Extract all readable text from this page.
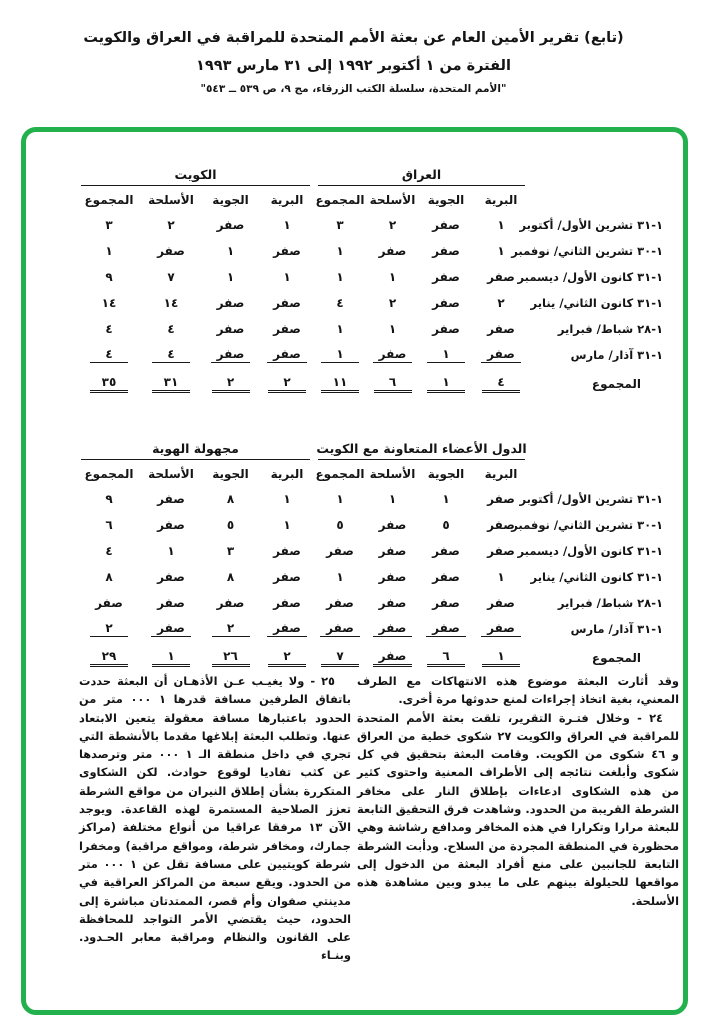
(تابع) تقرير الأمين العام عن بعثة الأمم المتحدة للمراقبة في العراق والكويت
الفترة من ١ أكتوبر ١٩٩٢ إلى ٣١ مارس ١٩٩٣
"الأمم المتحدة، سلسلة الكتب الزرقاء، مج ٩، ص ٥٣٩ ــ ٥٤٣"
العراق
الكويت
البرية
الجوية
الأسلحة
المجموع
البرية
الجوية
الأسلحة
المجموع
١-٣١ تشرين الأول/ أكتوبر
١
صفر
٢
٣
١
صفر
٢
٣
١-٣٠ تشرين الثاني/ نوفمبر
١
صفر
صفر
١
صفر
١
صفر
١
١-٣١ كانون الأول/ ديسمبر
صفر
صفر
١
١
١
١
٧
٩
١-٣١ كانون الثاني/ يناير
٢
صفر
٢
٤
صفر
صفر
١٤
١٤
١-٢٨ شباط/ فبراير
صفر
صفر
١
١
صفر
صفر
٤
٤
١-٣١ آذار/ مارس
صفر
١
صفر
١
صفر
صفر
٤
٤
المجموع
٤
١
٦
١١
٢
٢
٣١
٣٥
الدول الأعضاء المتعاونة مع الكويت
مجهولة الهوية
البرية
الجوية
الأسلحة
المجموع
البرية
الجوية
الأسلحة
المجموع
١-٣١ تشرين الأول/ أكتوبر
صفر
١
١
١
١
٨
صفر
٩
١-٣٠ تشرين الثاني/ نوفمبر
صفر
٥
صفر
٥
١
٥
صفر
٦
١-٣١ كانون الأول/ ديسمبر
صفر
صفر
صفر
صفر
صفر
٣
١
٤
١-٣١ كانون الثاني/ يناير
١
صفر
صفر
١
صفر
٨
صفر
٨
١-٢٨ شباط/ فبراير
صفر
صفر
صفر
صفر
صفر
صفر
صفر
صفر
١-٣١ آذار/ مارس
صفر
صفر
صفر
صفر
صفر
٢
صفر
٢
المجموع
١
٦
صفر
٧
٢
٢٦
١
٢٩

وقد أثارت البعثة موضوع هذه الانتهاكات مع الطرف المعني، بغية اتخاذ إجراءات لمنع حدوثها مرة أخرى.

٢٤ - وخلال فتـرة التقرير، تلقت بعثة الأمم المتحدة للمراقبة في العراق والكويت ٢٧ شكوى خطية من العراق و ٤٦ شكوى من الكويت. وقامت البعثة بتحقيق في كل شكوى وأبلغت نتائجه إلى الأطراف المعنية واحتوى كثير من هذه الشكاوى ادعاءات بإطلاق النار على مخافر الشرطة القريبة من الحدود. وشاهدت فرق التحقيق التابعة للبعثة مرارا وتكرارا في هذه المخافر ومدافع رشاشة وهي محظورة في المنطقة المجردة من السلاح. ودأبت الشرطة التابعة للجانبين على منع أفراد البعثة من الدخول إلى مواقعها للحيلولة بينهم على ما يبدو وبين مشاهدة هذه الأسلحة.

٢٥ - ولا يغيـب عـن الأذهـان أن البعثة حددت باتفاق الطرفين مسافة قدرها ١ ٠٠٠ متر من الحدود باعتبارها مسافة معقولة يتعين الابتعاد عنها. وتطلب البعثة إبلاغها مقدما بالأنشطة التي تجري في داخل منطقة الـ ١ ٠٠٠ متر وترصدها عن كثب تفاديا لوقوع حوادث. لكن الشكاوى المتكررة بشأن إطلاق النيران من مواقع الشرطة تعزز الصلاحية المستمرة لهذه القاعدة. ويوجد الآن ١٣ مرفقا عراقيا من أنواع مختلفة (مراكز جمارك، ومخافر شرطة، ومواقع مراقبة) ومخفرا شرطة كويتيين على مسافة تقل عن ١ ٠٠٠ متر من الحدود. ويقع سبعة من المراكز العراقية في مدينتي صفوان وأم قصر، الممتدتان مباشرة إلى الحدود، حيث يقتضي الأمر التواجد للمحافظة على القانون والنظام ومراقبة معابر الحـدود. وبنـاء
